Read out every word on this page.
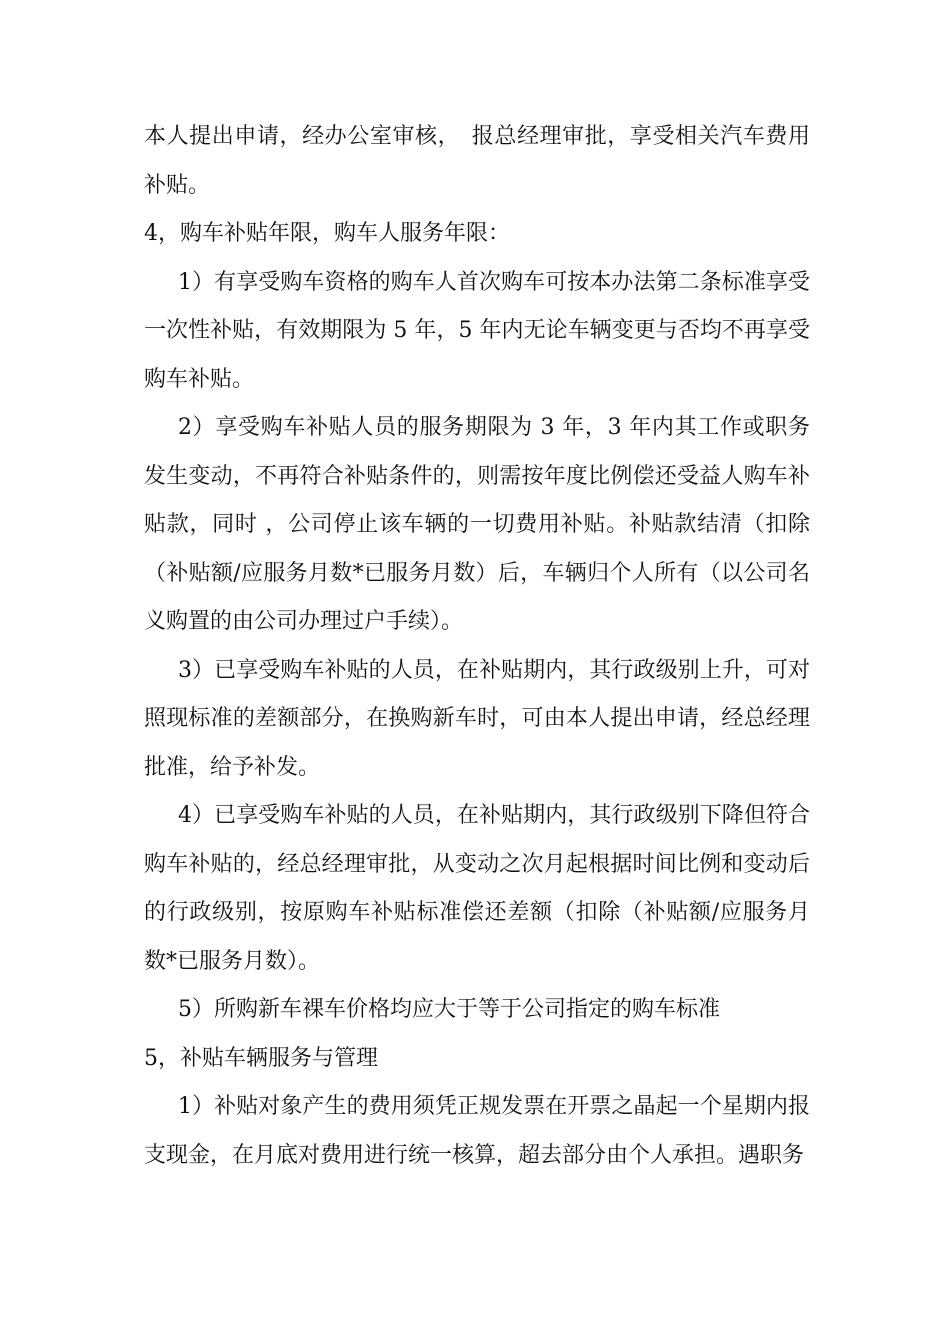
本人提出申请，经办公室审核，　报总经理审批，享受相关汽车费用补贴。

4，购车补贴年限，购车人服务年限：

1）有享受购车资格的购车人首次购车可按本办法第二条标准享受一次性补贴，有效期限为 5 年，5 年内无论车辆变更与否均不再享受购车补贴。

2）享受购车补贴人员的服务期限为 3 年，3 年内其工作或职务发生变动，不再符合补贴条件的，则需按年度比例偿还受益人购车补贴款，同时 ，公司停止该车辆的一切费用补贴。补贴款结清（扣除（补贴额/应服务月数*已服务月数）后，车辆归个人所有（以公司名义购置的由公司办理过户手续）。

3）已享受购车补贴的人员，在补贴期内，其行政级别上升，可对照现标准的差额部分，在换购新车时，可由本人提出申请，经总经理批准，给予补发。

4）已享受购车补贴的人员，在补贴期内，其行政级别下降但符合购车补贴的，经总经理审批，从变动之次月起根据时间比例和变动后的行政级别，按原购车补贴标准偿还差额（扣除（补贴额/应服务月数*已服务月数）。

5）所购新车裸车价格均应大于等于公司指定的购车标准

5，补贴车辆服务与管理

1）补贴对象产生的费用须凭正规发票在开票之晶起一个星期内报支现金，在月底对费用进行统一核算，超去部分由个人承担。遇职务
